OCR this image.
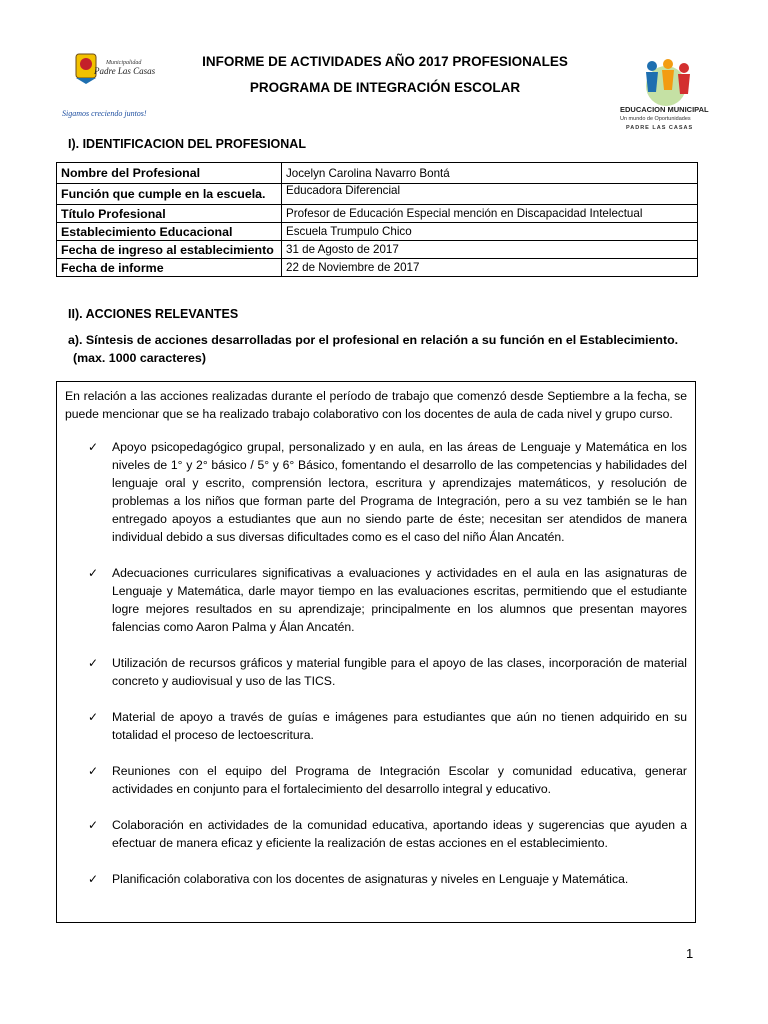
Municipalidad
Padre Las Casas
Sigamos creciendo juntos!	EDUCACION MUNICIPAL
Un mundo de Oportunidades
PADRE LAS CASAS
INFORME DE ACTIVIDADES AÑO 2017 PROFESIONALES
PROGRAMA DE INTEGRACIÓN ESCOLAR
I). IDENTIFICACION DEL PROFESIONAL
Nombre del Profesional	Jocelyn Carolina Navarro Bontá
Función que cumple en la escuela.	Educadora Diferencial
Título Profesional	Profesor de Educación Especial mención en Discapacidad Intelectual
Establecimiento Educacional	Escuela Trumpulo Chico
Fecha de ingreso al establecimiento	31 de Agosto de 2017
Fecha de informe	22 de Noviembre de 2017
II). ACCIONES RELEVANTES
a). Síntesis de acciones desarrolladas por el profesional en relación a su función en el Establecimiento.
(max. 1000 caracteres)

En relación a las acciones realizadas durante el período de trabajo que comenzó desde Septiembre a la fecha, se puede mencionar que se ha realizado trabajo colaborativo con los docentes de aula de cada nivel y grupo curso.

✓ Apoyo psicopedagógico grupal, personalizado y en aula, en las áreas de Lenguaje y Matemática en los niveles de 1° y 2° básico / 5° y 6° Básico, fomentando el desarrollo de las competencias y habilidades del lenguaje oral y escrito, comprensión lectora, escritura y aprendizajes matemáticos, y resolución de problemas a los niños que forman parte del Programa de Integración, pero a su vez también se le han entregado apoyos a estudiantes que aun no siendo parte de éste; necesitan ser atendidos de manera individual debido a sus diversas dificultades como es el caso del niño Álan Ancatén.
✓ Adecuaciones curriculares significativas a evaluaciones y actividades en el aula en las asignaturas de Lenguaje y Matemática, darle mayor tiempo en las evaluaciones escritas, permitiendo que el estudiante logre mejores resultados en su aprendizaje; principalmente en los alumnos que presentan mayores falencias como Aaron Palma y Álan Ancatén.
✓ Utilización de recursos gráficos y material fungible para el apoyo de las clases, incorporación de material concreto y audiovisual y uso de las TICS.
✓ Material de apoyo a través de guías e imágenes para estudiantes que aún no tienen adquirido en su totalidad el proceso de lectoescritura.
✓ Reuniones con el equipo del Programa de Integración Escolar y comunidad educativa, generar actividades en conjunto para el fortalecimiento del desarrollo integral y educativo.
✓ Colaboración en actividades de la comunidad educativa, aportando ideas y sugerencias que ayuden a efectuar de manera eficaz y eficiente la realización de estas acciones en el establecimiento.
✓ Planificación colaborativa con los docentes de asignaturas y niveles en Lenguaje y Matemática.
1
